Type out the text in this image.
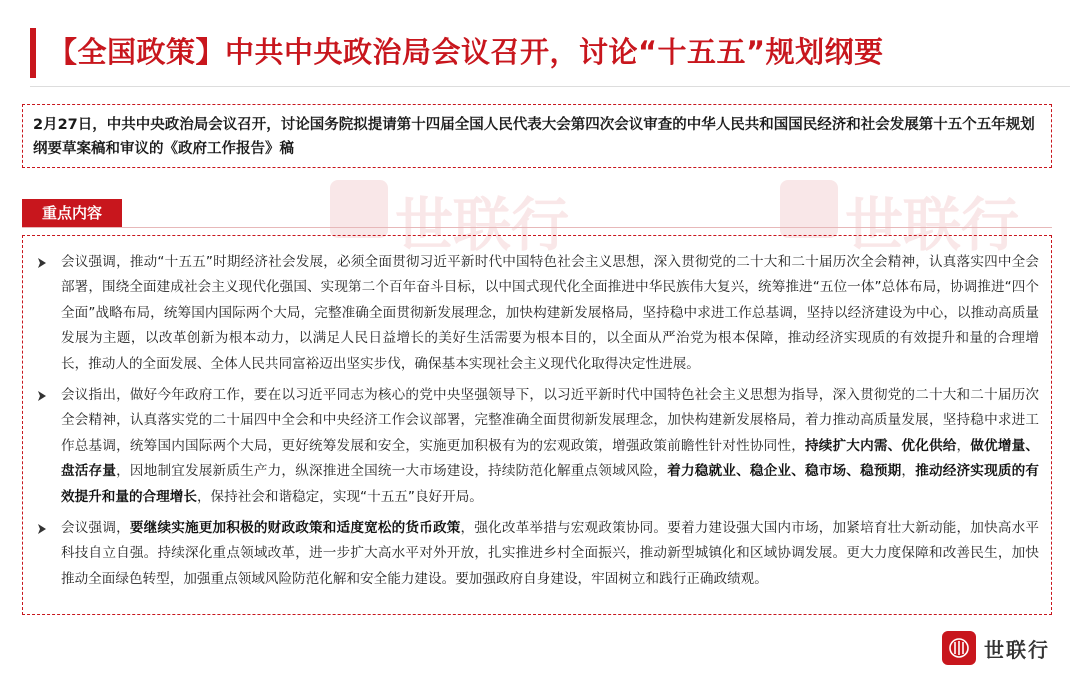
【全国政策】中共中央政治局会议召开，讨论“十五五”规划纲要
2月27日，中共中央政治局会议召开，讨论国务院拟提请第十四届全国人民代表大会第四次会议审查的中华人民共和国国民经济和社会发展第十五个五年规划纲要草案稿和审议的《政府工作报告》稿
世联行	世联行
重点内容
会议强调，推动“十五五”时期经济社会发展，必须全面贯彻习近平新时代中国特色社会主义思想，深入贯彻党的二十大和二十届历次全会精神，认真落实四中全会部署，围绕全面建成社会主义现代化强国、实现第二个百年奋斗目标，以中国式现代化全面推进中华民族伟大复兴，统筹推进“五位一体”总体布局，协调推进“四个全面”战略布局，统筹国内国际两个大局，完整准确全面贯彻新发展理念，加快构建新发展格局，坚持稳中求进工作总基调，坚持以经济建设为中心，以推动高质量发展为主题，以改革创新为根本动力，以满足人民日益增长的美好生活需要为根本目的，以全面从严治党为根本保障，推动经济实现质的有效提升和量的合理增长，推动人的全面发展、全体人民共同富裕迈出坚实步伐，确保基本实现社会主义现代化取得决定性进展。
会议指出，做好今年政府工作，要在以习近平同志为核心的党中央坚强领导下，以习近平新时代中国特色社会主义思想为指导，深入贯彻党的二十大和二十届历次全会精神，认真落实党的二十届四中全会和中央经济工作会议部署，完整准确全面贯彻新发展理念，加快构建新发展格局，着力推动高质量发展，坚持稳中求进工作总基调，统筹国内国际两个大局，更好统筹发展和安全，实施更加积极有为的宏观政策，增强政策前瞻性针对性协同性，持续扩大内需、优化供给，做优增量、盘活存量，因地制宜发展新质生产力，纵深推进全国统一大市场建设，持续防范化解重点领域风险，着力稳就业、稳企业、稳市场、稳预期，推动经济实现质的有效提升和量的合理增长，保持社会和谐稳定，实现“十五五”良好开局。
会议强调，要继续实施更加积极的财政政策和适度宽松的货币政策，强化改革举措与宏观政策协同。要着力建设强大国内市场，加紧培育壮大新动能，加快高水平科技自立自强。持续深化重点领域改革，进一步扩大高水平对外开放，扎实推进乡村全面振兴，推动新型城镇化和区域协调发展。更大力度保障和改善民生，加快推动全面绿色转型，加强重点领域风险防范化解和安全能力建设。要加强政府自身建设，牢固树立和践行正确政绩观。
世联行
